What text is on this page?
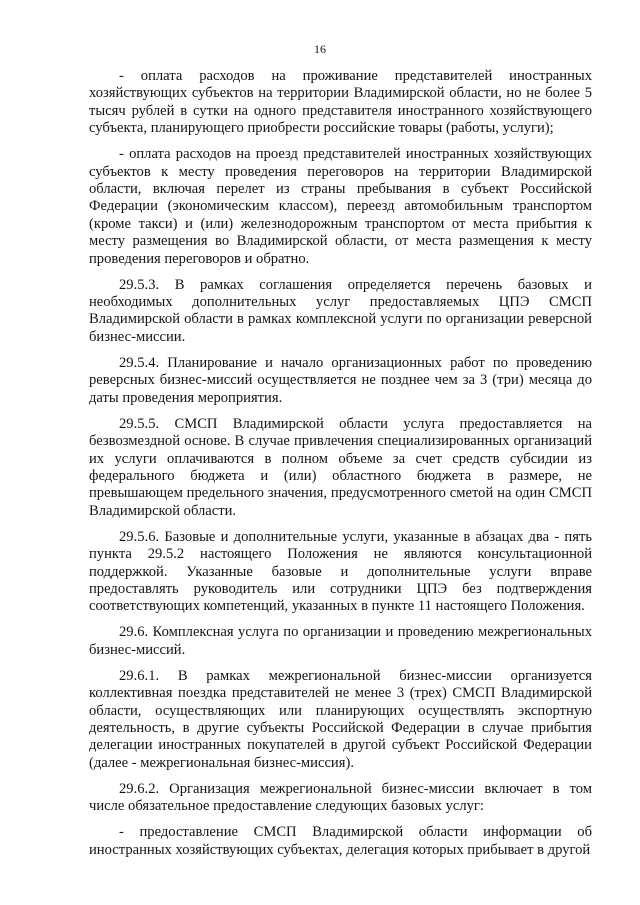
16

- оплата расходов на проживание представителей иностранных хозяйствующих субъектов на территории Владимирской области, но не более 5 тысяч рублей в сутки на одного представителя иностранного хозяйствующего субъекта, планирующего приобрести российские товары (работы, услуги);

- оплата расходов на проезд представителей иностранных хозяйствующих субъектов к месту проведения переговоров на территории Владимирской области, включая перелет из страны пребывания в субъект Российской Федерации (экономическим классом), переезд автомобильным транспортом (кроме такси) и (или) железнодорожным транспортом от места прибытия к месту размещения во Владимирской области, от места размещения к месту проведения переговоров и обратно.

29.5.3. В рамках соглашения определяется перечень базовых и необходимых дополнительных услуг предоставляемых ЦПЭ СМСП Владимирской области в рамках комплексной услуги по организации реверсной бизнес-миссии.

29.5.4. Планирование и начало организационных работ по проведению реверсных бизнес-миссий осуществляется не позднее чем за 3 (три) месяца до даты проведения мероприятия.

29.5.5. СМСП Владимирской области услуга предоставляется на безвозмездной основе. В случае привлечения специализированных организаций их услуги оплачиваются в полном объеме за счет средств субсидии из федерального бюджета и (или) областного бюджета в размере, не превышающем предельного значения, предусмотренного сметой на один СМСП Владимирской области.

29.5.6. Базовые и дополнительные услуги, указанные в абзацах два - пять пункта 29.5.2 настоящего Положения не являются консультационной поддержкой. Указанные базовые и дополнительные услуги вправе предоставлять руководитель или сотрудники ЦПЭ без подтверждения соответствующих компетенций, указанных в пункте 11 настоящего Положения.

29.6. Комплексная услуга по организации и проведению межрегиональных бизнес-миссий.

29.6.1. В рамках межрегиональной бизнес-миссии организуется коллективная поездка представителей не менее 3 (трех) СМСП Владимирской области, осуществляющих или планирующих осуществлять экспортную деятельность, в другие субъекты Российской Федерации в случае прибытия делегации иностранных покупателей в другой субъект Российской Федерации (далее - межрегиональная бизнес-миссия).

29.6.2. Организация межрегиональной бизнес-миссии включает в том числе обязательное предоставление следующих базовых услуг:

- предоставление СМСП Владимирской области информации об иностранных хозяйствующих субъектах, делегация которых прибывает в другой
